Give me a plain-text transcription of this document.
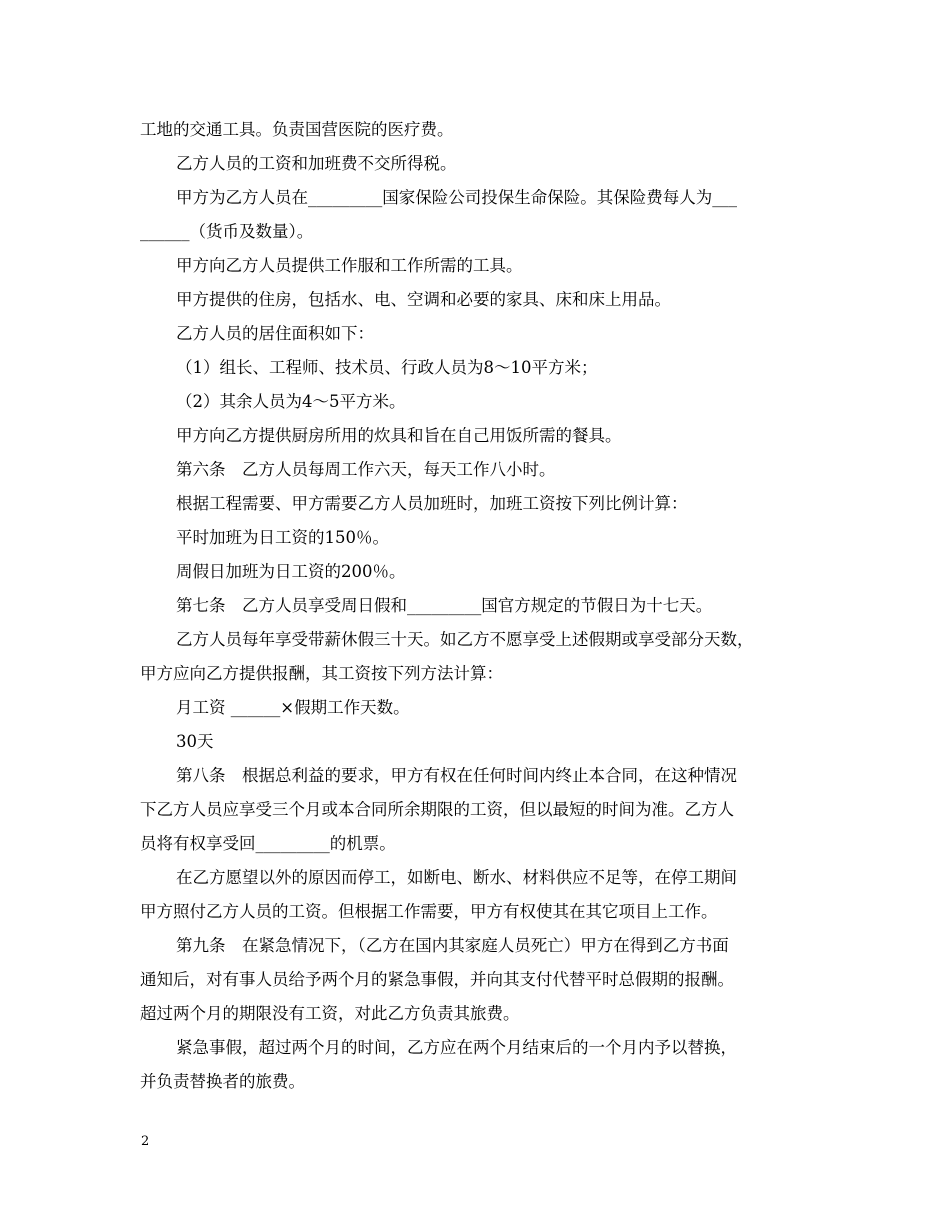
工地的交通工具。负责国营医院的医疗费。
乙方人员的工资和加班费不交所得税。
甲方为乙方人员在_________国家保险公司投保生命保险。其保险费每人为___
______（货币及数量）。
甲方向乙方人员提供工作服和工作所需的工具。
甲方提供的住房，包括水、电、空调和必要的家具、床和床上用品。
乙方人员的居住面积如下：
（1）组长、工程师、技术员、行政人员为8～10平方米；
（2）其余人员为4～5平方米。
甲方向乙方提供厨房所用的炊具和旨在自己用饭所需的餐具。
第六条　乙方人员每周工作六天，每天工作八小时。
根据工程需要、甲方需要乙方人员加班时，加班工资按下列比例计算：
平时加班为日工资的150％。
周假日加班为日工资的200％。
第七条　乙方人员享受周日假和_________国官方规定的节假日为十七天。
乙方人员每年享受带薪休假三十天。如乙方不愿享受上述假期或享受部分天数，
甲方应向乙方提供报酬，其工资按下列方法计算：
月工资 ______×假期工作天数。
30天
第八条　根据总利益的要求，甲方有权在任何时间内终止本合同，在这种情况
下乙方人员应享受三个月或本合同所余期限的工资，但以最短的时间为准。乙方人
员将有权享受回_________的机票。
在乙方愿望以外的原因而停工，如断电、断水、材料供应不足等，在停工期间
甲方照付乙方人员的工资。但根据工作需要，甲方有权使其在其它项目上工作。
第九条　在紧急情况下，（乙方在国内其家庭人员死亡）甲方在得到乙方书面
通知后，对有事人员给予两个月的紧急事假，并向其支付代替平时总假期的报酬。
超过两个月的期限没有工资，对此乙方负责其旅费。
紧急事假，超过两个月的时间，乙方应在两个月结束后的一个月内予以替换，
并负责替换者的旅费。
2
